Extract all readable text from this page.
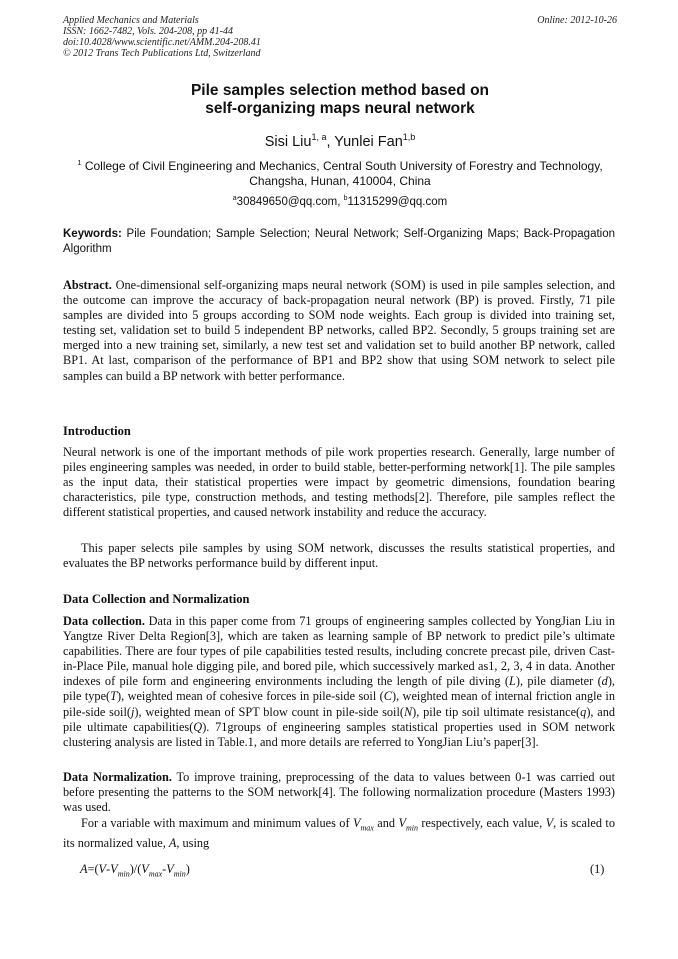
Applied Mechanics and Materials
ISSN: 1662-7482, Vols. 204-208, pp 41-44
doi:10.4028/www.scientific.net/AMM.204-208.41
© 2012 Trans Tech Publications Ltd, Switzerland
Online: 2012-10-26
Pile samples selection method based on
self-organizing maps neural network
Sisi Liu$^{1, a}$, Yunlei Fan$^{1,b}$
$^1$ College of Civil Engineering and Mechanics, Central South University of Forestry and Technology,
Changsha, Hunan, 410004, China
$^a$30849650@qq.com, $^b$11315299@qq.com
Keywords: Pile Foundation; Sample Selection; Neural Network; Self-Organizing Maps; Back-Propagation Algorithm
Abstract. One-dimensional self-organizing maps neural network (SOM) is used in pile samples selection, and the outcome can improve the accuracy of back-propagation neural network (BP) is proved. Firstly, 71 pile samples are divided into 5 groups according to SOM node weights. Each group is divided into training set, testing set, validation set to build 5 independent BP networks, called BP2. Secondly, 5 groups training set are merged into a new training set, similarly, a new test set and validation set to build another BP network, called BP1. At last, comparison of the performance of BP1 and BP2 show that using SOM network to select pile samples can build a BP network with better performance.
Introduction
Neural network is one of the important methods of pile work properties research. Generally, large number of piles engineering samples was needed, in order to build stable, better-performing network[1]. The pile samples as the input data, their statistical properties were impact by geometric dimensions, foundation bearing characteristics, pile type, construction methods, and testing methods[2]. Therefore, pile samples reflect the different statistical properties, and caused network instability and reduce the accuracy.
This paper selects pile samples by using SOM network, discusses the results statistical properties, and evaluates the BP networks performance build by different input.
Data Collection and Normalization
Data collection. Data in this paper come from 71 groups of engineering samples collected by YongJian Liu in Yangtze River Delta Region[3], which are taken as learning sample of BP network to predict pile’s ultimate capabilities. There are four types of pile capabilities tested results, including concrete precast pile, driven Cast-in-Place Pile, manual hole digging pile, and bored pile, which successively marked as1, 2, 3, 4 in data. Another indexes of pile form and engineering environments including the length of pile diving (L), pile diameter (d), pile type(T), weighted mean of cohesive forces in pile-side soil (C), weighted mean of internal friction angle in pile-side soil(j), weighted mean of SPT blow count in pile-side soil(N), pile tip soil ultimate resistance(q), and pile ultimate capabilities(Q). 71groups of engineering samples statistical properties used in SOM network clustering analysis are listed in Table.1, and more details are referred to YongJian Liu’s paper[3].
Data Normalization. To improve training, preprocessing of the data to values between 0-1 was carried out before presenting the patterns to the SOM network[4]. The following normalization procedure (Masters 1993) was used.
For a variable with maximum and minimum values of $V_{max}$ and $V_{min}$ respectively, each value, V, is scaled to its normalized value, A, using
$A=(V-V_{min})/(V_{max}-V_{min})$	(1)
